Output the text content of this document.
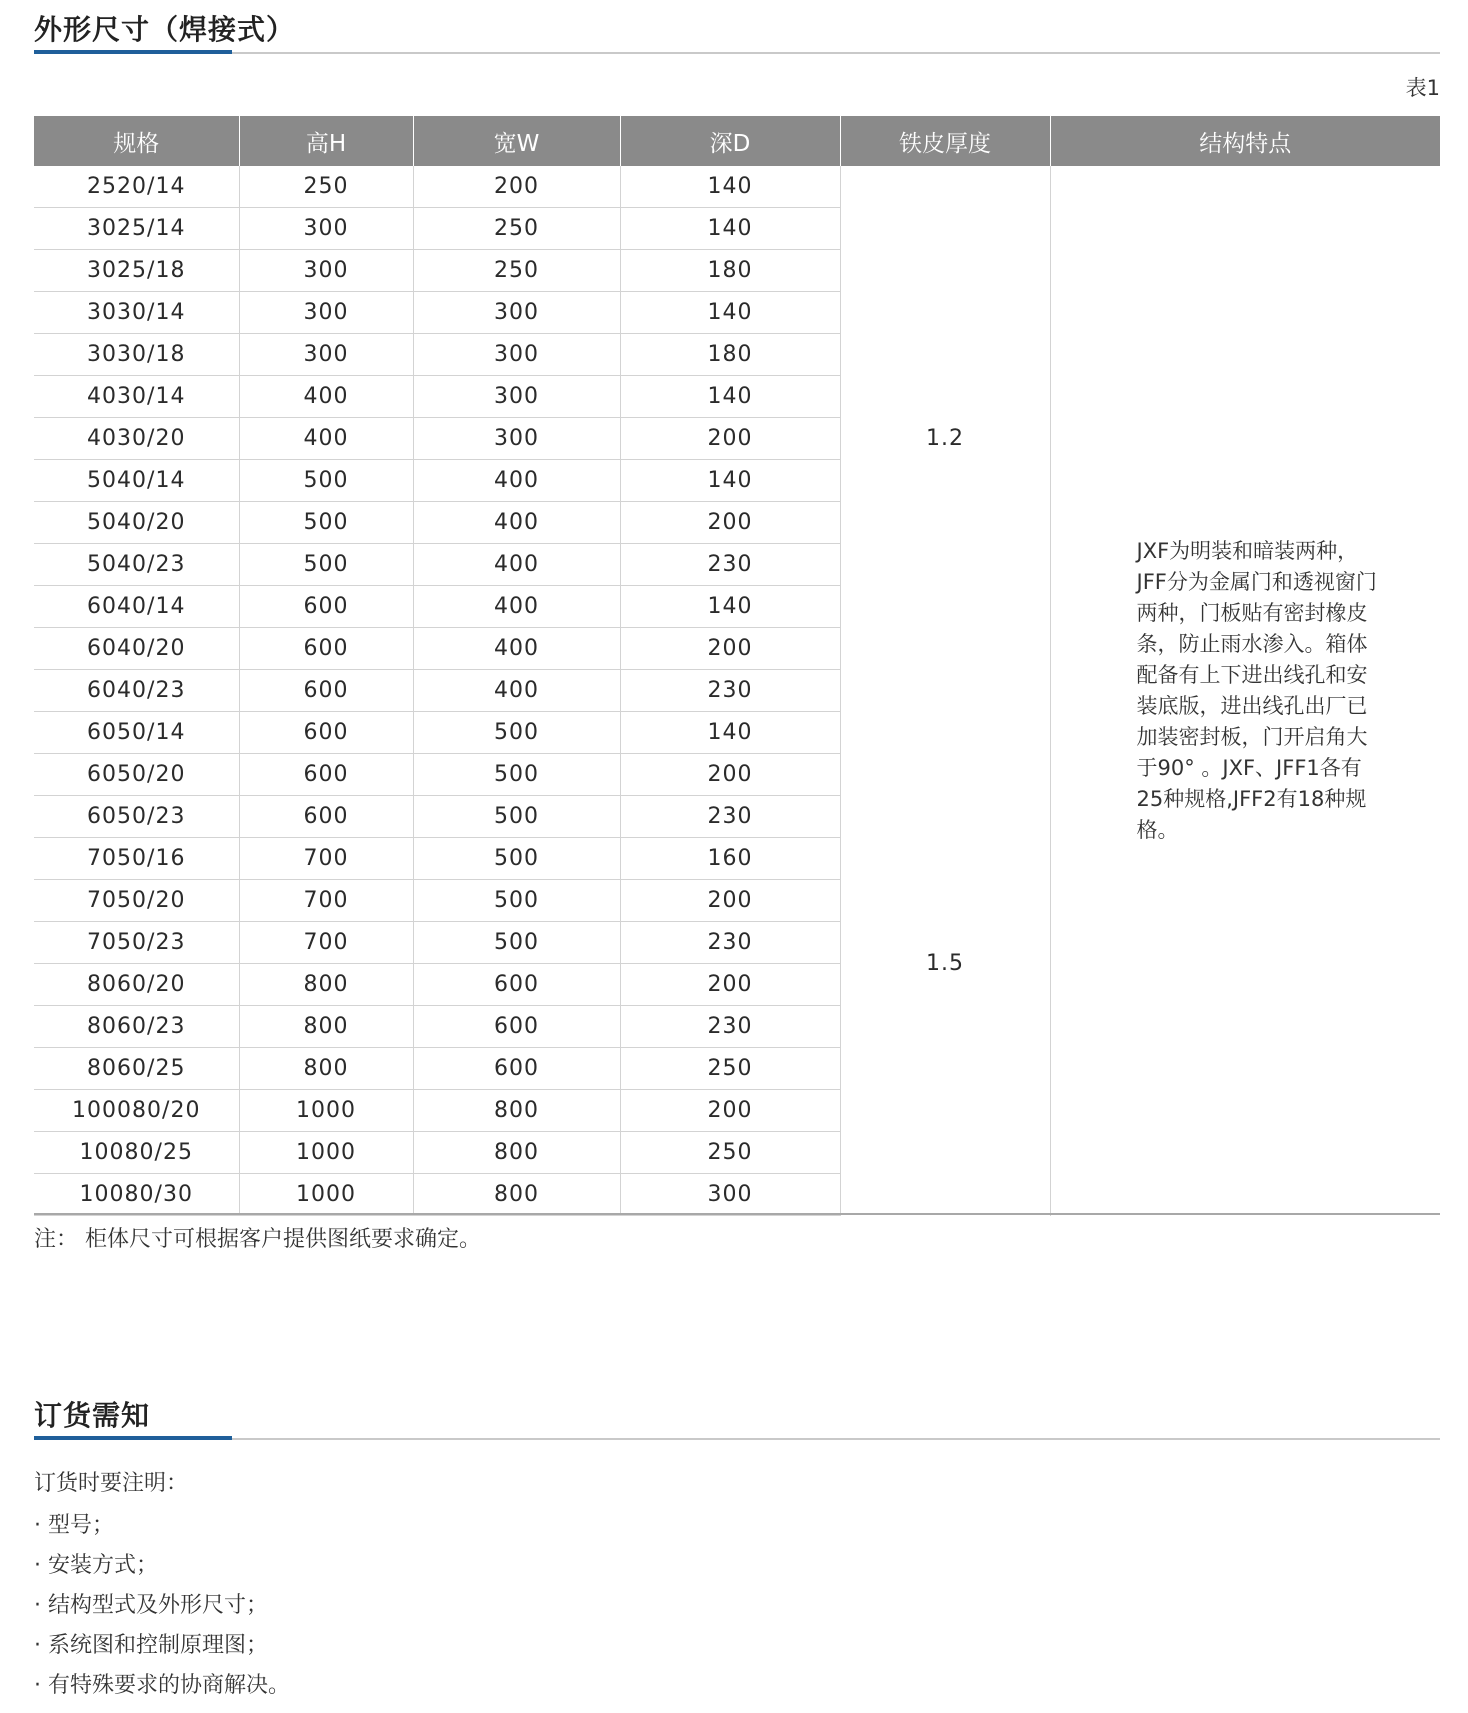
外形尺寸（焊接式）
表1
规格	高H	宽W	深D	铁皮厚度	结构特点
2520/14	250	200	140	1.2	JXF为明装和暗装两种，JFF分为金属门和透视窗门两种，门板贴有密封橡皮条，防止雨水渗入。箱体配备有上下进出线孔和安装底版，进出线孔出厂已加装密封板，门开启角大于90° 。JXF、JFF1各有25种规格,JFF2有18种规格。

3025/14	300	250	140		
3025/18	300	250	180		
3030/14	300	300	140		
3030/18	300	300	180		
4030/14	400	300	140		
4030/20	400	300	200		
5040/14	500	400	140		
5040/20	500	400	200		
5040/23	500	400	230		
6040/14	600	400	140		
6040/20	600	400	200		
6040/23	600	400	230		
6050/14	600	500	140	1.5	
6050/20	600	500	200		
6050/23	600	500	230		
7050/16	700	500	160		
7050/20	700	500	200		
7050/23	700	500	230		
8060/20	800	600	200		
8060/23	800	600	230		
8060/25	800	600	250		
100080/20	1000	800	200		
10080/25	1000	800	250		
10080/30	1000	800	300		
注： 柜体尺寸可根据客户提供图纸要求确定。
订货需知
订货时要注明：
· 型号；
· 安装方式；
· 结构型式及外形尺寸；
· 系统图和控制原理图；
· 有特殊要求的协商解决。
